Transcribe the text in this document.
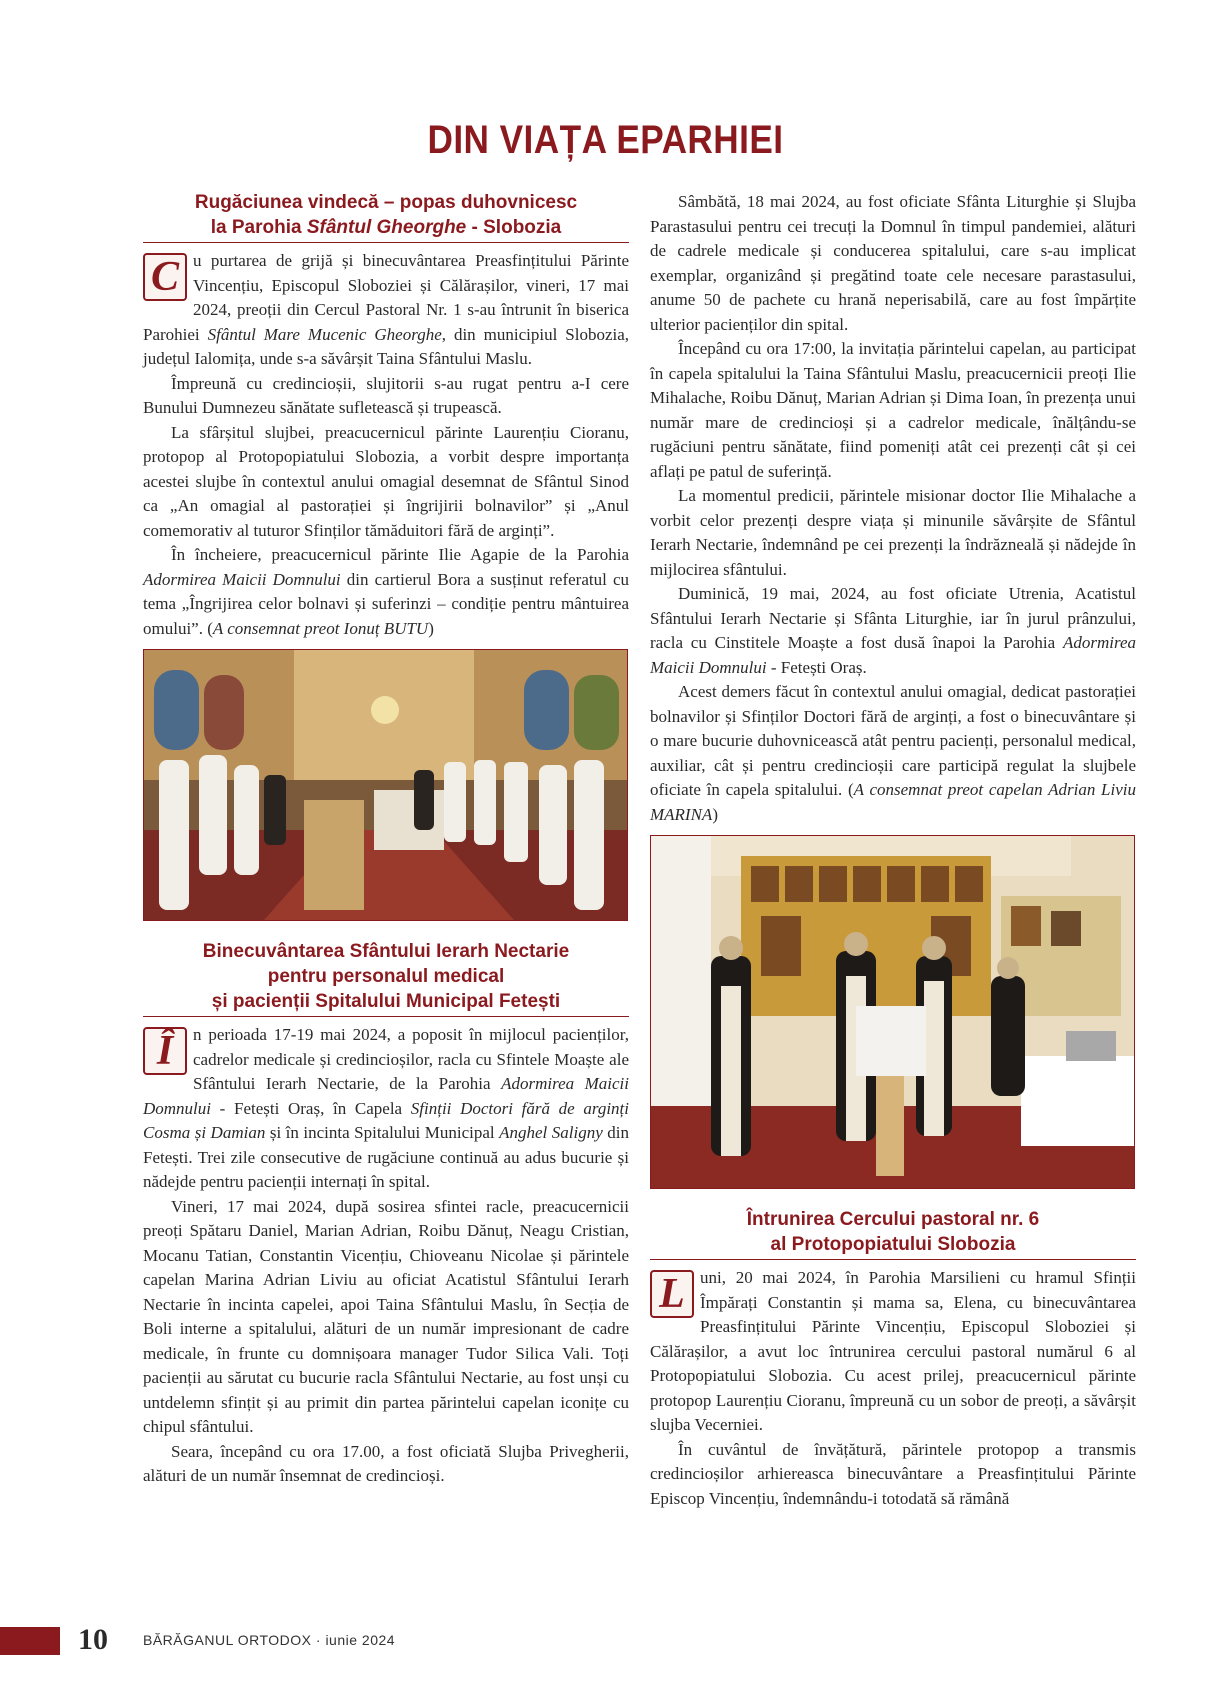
DIN VIAȚA EPARHIEI
Rugăciunea vindecă – popas duhovnicesc
la Parohia Sfântul Gheorghe - Slobozia

C u purtarea de grijă și binecuvântarea Preasfințitului Părinte Vincențiu, Episcopul Sloboziei și Călărașilor, vineri, 17 mai 2024, preoții din Cercul Pastoral Nr. 1 s-au întrunit în biserica Parohiei Sfântul Mare Mucenic Gheorghe, din municipiul Slobozia, județul Ialomița, unde s-a săvârșit Taina Sfântului Maslu.

Împreună cu credincioșii, slujitorii s-au rugat pentru a-I cere Bunului Dumnezeu sănătate sufletească și trupească.

La sfârșitul slujbei, preacucernicul părinte Laurențiu Cioranu, protopop al Protopopiatului Slobozia, a vorbit despre importanța acestei slujbe în contextul anului omagial desemnat de Sfântul Sinod ca „An omagial al pastorației și îngrijirii bolnavilor” și „Anul comemorativ al tuturor Sfinților tămăduitori fără de arginți”.

În încheiere, preacucernicul părinte Ilie Agapie de la Parohia Adormirea Maicii Domnului din cartierul Bora a susținut referatul cu tema „Îngrijirea celor bolnavi și suferinzi – condiție pentru mântuirea omului”. (A consemnat preot Ionuț BUTU)

Binecuvântarea Sfântului Ierarh Nectarie
pentru personalul medical
și pacienții Spitalului Municipal Fetești

Î	n perioada 17-19 mai 2024, a poposit în mijlocul pacienților, cadrelor medicale și credincioșilor, racla cu Sfintele Moaște ale Sfântului Ierarh Nectarie, de la Parohia Adormirea Maicii Domnului - Fetești Oraș, în Capela Sfinții Doctori fără de arginți Cosma și Damian și în incinta Spitalului Municipal Anghel Saligny din Fetești. Trei zile consecutive de rugăciune continuă au adus bucurie și nădejde pentru pacienții internați în spital.

Vineri, 17 mai 2024, după sosirea sfintei racle, preacucernicii preoți Spătaru Daniel, Marian Adrian, Roibu Dănuț, Neagu Cristian, Mocanu Tatian, Constantin Vicențiu, Chioveanu Nicolae și părintele capelan Marina Adrian Liviu au oficiat Acatistul Sfântului Ierarh Nectarie în incinta capelei, apoi Taina Sfântului Maslu, în Secția de Boli interne a spitalului, alături de un număr impresionant de cadre medicale, în frunte cu domnișoara manager Tudor Silica Vali. Toți pacienții au sărutat cu bucurie racla Sfântului Nectarie, au fost unși cu untdelemn sfințit și au primit din partea părintelui capelan iconițe cu chipul sfântului.

Seara, începând cu ora 17.00, a fost oficiată Slujba Privegherii, alături de un număr însemnat de credincioși.

Sâmbătă, 18 mai 2024, au fost oficiate Sfânta Liturghie și Slujba Parastasului pentru cei trecuți la Domnul în timpul pandemiei, alături de cadrele medicale și conducerea spitalului, care s-au implicat exemplar, organizând și pregătind toate cele necesare parastasului, anume 50 de pachete cu hrană neperisabilă, care au fost împărțite ulterior pacienților din spital.

Începând cu ora 17:00, la invitația părintelui capelan, au participat în capela spitalului la Taina Sfântului Maslu, preacucernicii preoți Ilie Mihalache, Roibu Dănuț, Marian Adrian și Dima Ioan, în prezența unui număr mare de credincioși și a cadrelor medicale, înălțându-se rugăciuni pentru sănătate, fiind pomeniți atât cei prezenți cât și cei aflați pe patul de suferință.

La momentul predicii, părintele misionar doctor Ilie Mihalache a vorbit celor prezenți despre viața și minunile săvârșite de Sfântul Ierarh Nectarie, îndemnând pe cei prezenți la îndrăzneală și nădejde în mijlocirea sfântului.

Duminică, 19 mai, 2024, au fost oficiate Utrenia, Acatistul Sfântului Ierarh Nectarie și Sfânta Liturghie, iar în jurul prânzului, racla cu Cinstitele Moaște a fost dusă înapoi la Parohia Adormirea Maicii Domnului - Fetești Oraș.

Acest demers făcut în contextul anului omagial, dedicat pastorației bolnavilor și Sfinților Doctori fără de arginți, a fost o binecuvântare și o mare bucurie duhovnicească atât pentru pacienți, personalul medical, auxiliar, cât și pentru credincioșii care participă regulat la slujbele oficiate în capela spitalului. (A consemnat preot capelan Adrian Liviu MARINA)

Întrunirea Cercului pastoral nr. 6
al Protopopiatului Slobozia

L uni, 20 mai 2024, în Parohia Marsilieni cu hramul Sfinții Împărați Constantin și mama sa, Elena, cu binecuvântarea Preasfințitului Părinte Vincențiu, Episcopul Sloboziei și Călărașilor, a avut loc întrunirea cercului pastoral numărul 6 al Protopopiatului Slobozia. Cu acest prilej, preacucernicul părinte protopop Laurențiu Cioranu, împreună cu un sobor de preoți, a săvârșit slujba Vecerniei.

În cuvântul de învățătură, părintele protopop a transmis credincioșilor arhiereasca binecuvântare a Preasfințitului Părinte Episcop Vincențiu, îndemnându-i totodată să rămână

10	BĂRĂGANUL ORTODOX · iunie 2024
